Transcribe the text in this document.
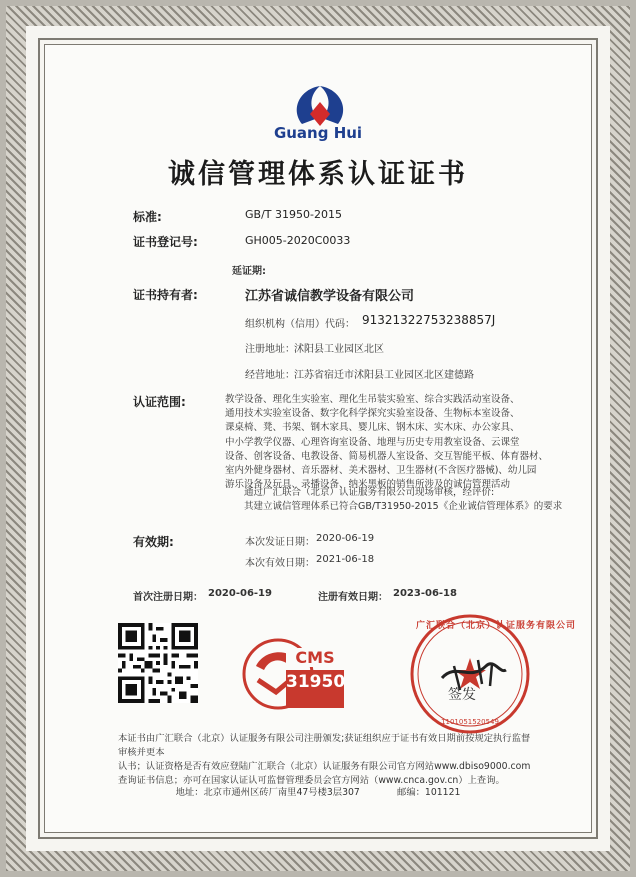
Guang Hui
诚信管理体系认证证书
标准:	GB/T 31950-2015
证书登记号:	GH005-2020C0033
延证期:
证书持有者:	江苏省诚信教学设备有限公司
组织机构（信用）代码： 91321322753238857J
注册地址： 沭阳县工业园区北区
经营地址： 江苏省宿迁市沭阳县工业园区北区建德路
认证范围:	教学设备、理化生实验室、理化生吊装实验室、综合实践活动室设备、
通用技术实验室设备、数字化科学探究实验室设备、生物标本室设备、
课桌椅、凳、书架、钢木家具、婴儿床、钢木床、实木床、办公家具、
中小学教学仪器、心理咨询室设备、地理与历史专用教室设备、云课堂
设备、创客设备、电教设备、简易机器人室设备、交互智能平板、体育器材、
室内外健身器材、音乐器材、美术器材、卫生器材(不含医疗器械)、幼儿园
游乐设备及玩具、录播设备、纳米黑板的销售所涉及的诚信管理活动
通过广汇联合（北京）认证服务有限公司现场审核，经评价:
其建立诚信管理体系已符合GB/T31950-2015《企业诚信管理体系》的要求
有效期:	本次发证日期： 2020-06-19
本次有效日期： 2021-06-18
首次注册日期： 2020-06-19	注册有效日期： 2023-06-18
CMS
31950
广汇联合（北京）认证服务有限公司
1101051520549
签发
本证书由广汇联合（北京）认证服务有限公司注册颁发;获证组织应于证书有效日期前按规定执行监督审核并更本
认书；认证资格是否有效应登陆广汇联合（北京）认证服务有限公司官方网站www.dbiso9000.com
查询证书信息；亦可在国家认证认可监督管理委员会官方网站（www.cnca.gov.cn）上查询。
地址：北京市通州区砖厂南里47号楼3层307　　　　邮编：101121
